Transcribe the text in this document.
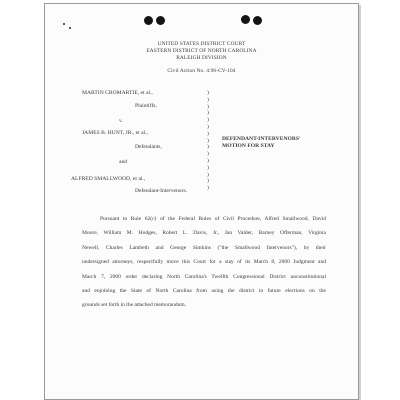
UNITED STATES DISTRICT COURT
EASTERN DISTRICT OF NORTH CAROLINA
RALEIGH DIVISION
Civil Action No. 4:96-CV-104
MARTIN CROMARTIE, et al.,
Plaintiffs,
v.
JAMES B. HUNT, JR., et al.,
Defendants,
and
ALFRED SMALLWOOD, et al.,
Defendant-Intervenors.
)
)
)
)
)
)
)
)
)
)
)
)
)
)
)
DEFENDANT-INTERVENORS'
MOTION FOR STAY
Pursuant to Rule 62(c) of the Federal Rules of Civil Procedure, Alfred Smallwood, David
Moore, William M. Hodges, Robert L. Davis, Jr., Jan Valder, Barney Offerman, Virginia
Newell, Charles Lambeth and George Simkins ("the Smallwood Intervenors"), by their
undersigned attorneys, respectfully move this Court for a stay of its March 8, 2000 Judgment and
March 7, 2000 order declaring North Carolina's Twelfth Congressional District unconstitutional
and enjoining the State of North Carolina from using the district in future elections on the
grounds set forth in the attached memorandum.
